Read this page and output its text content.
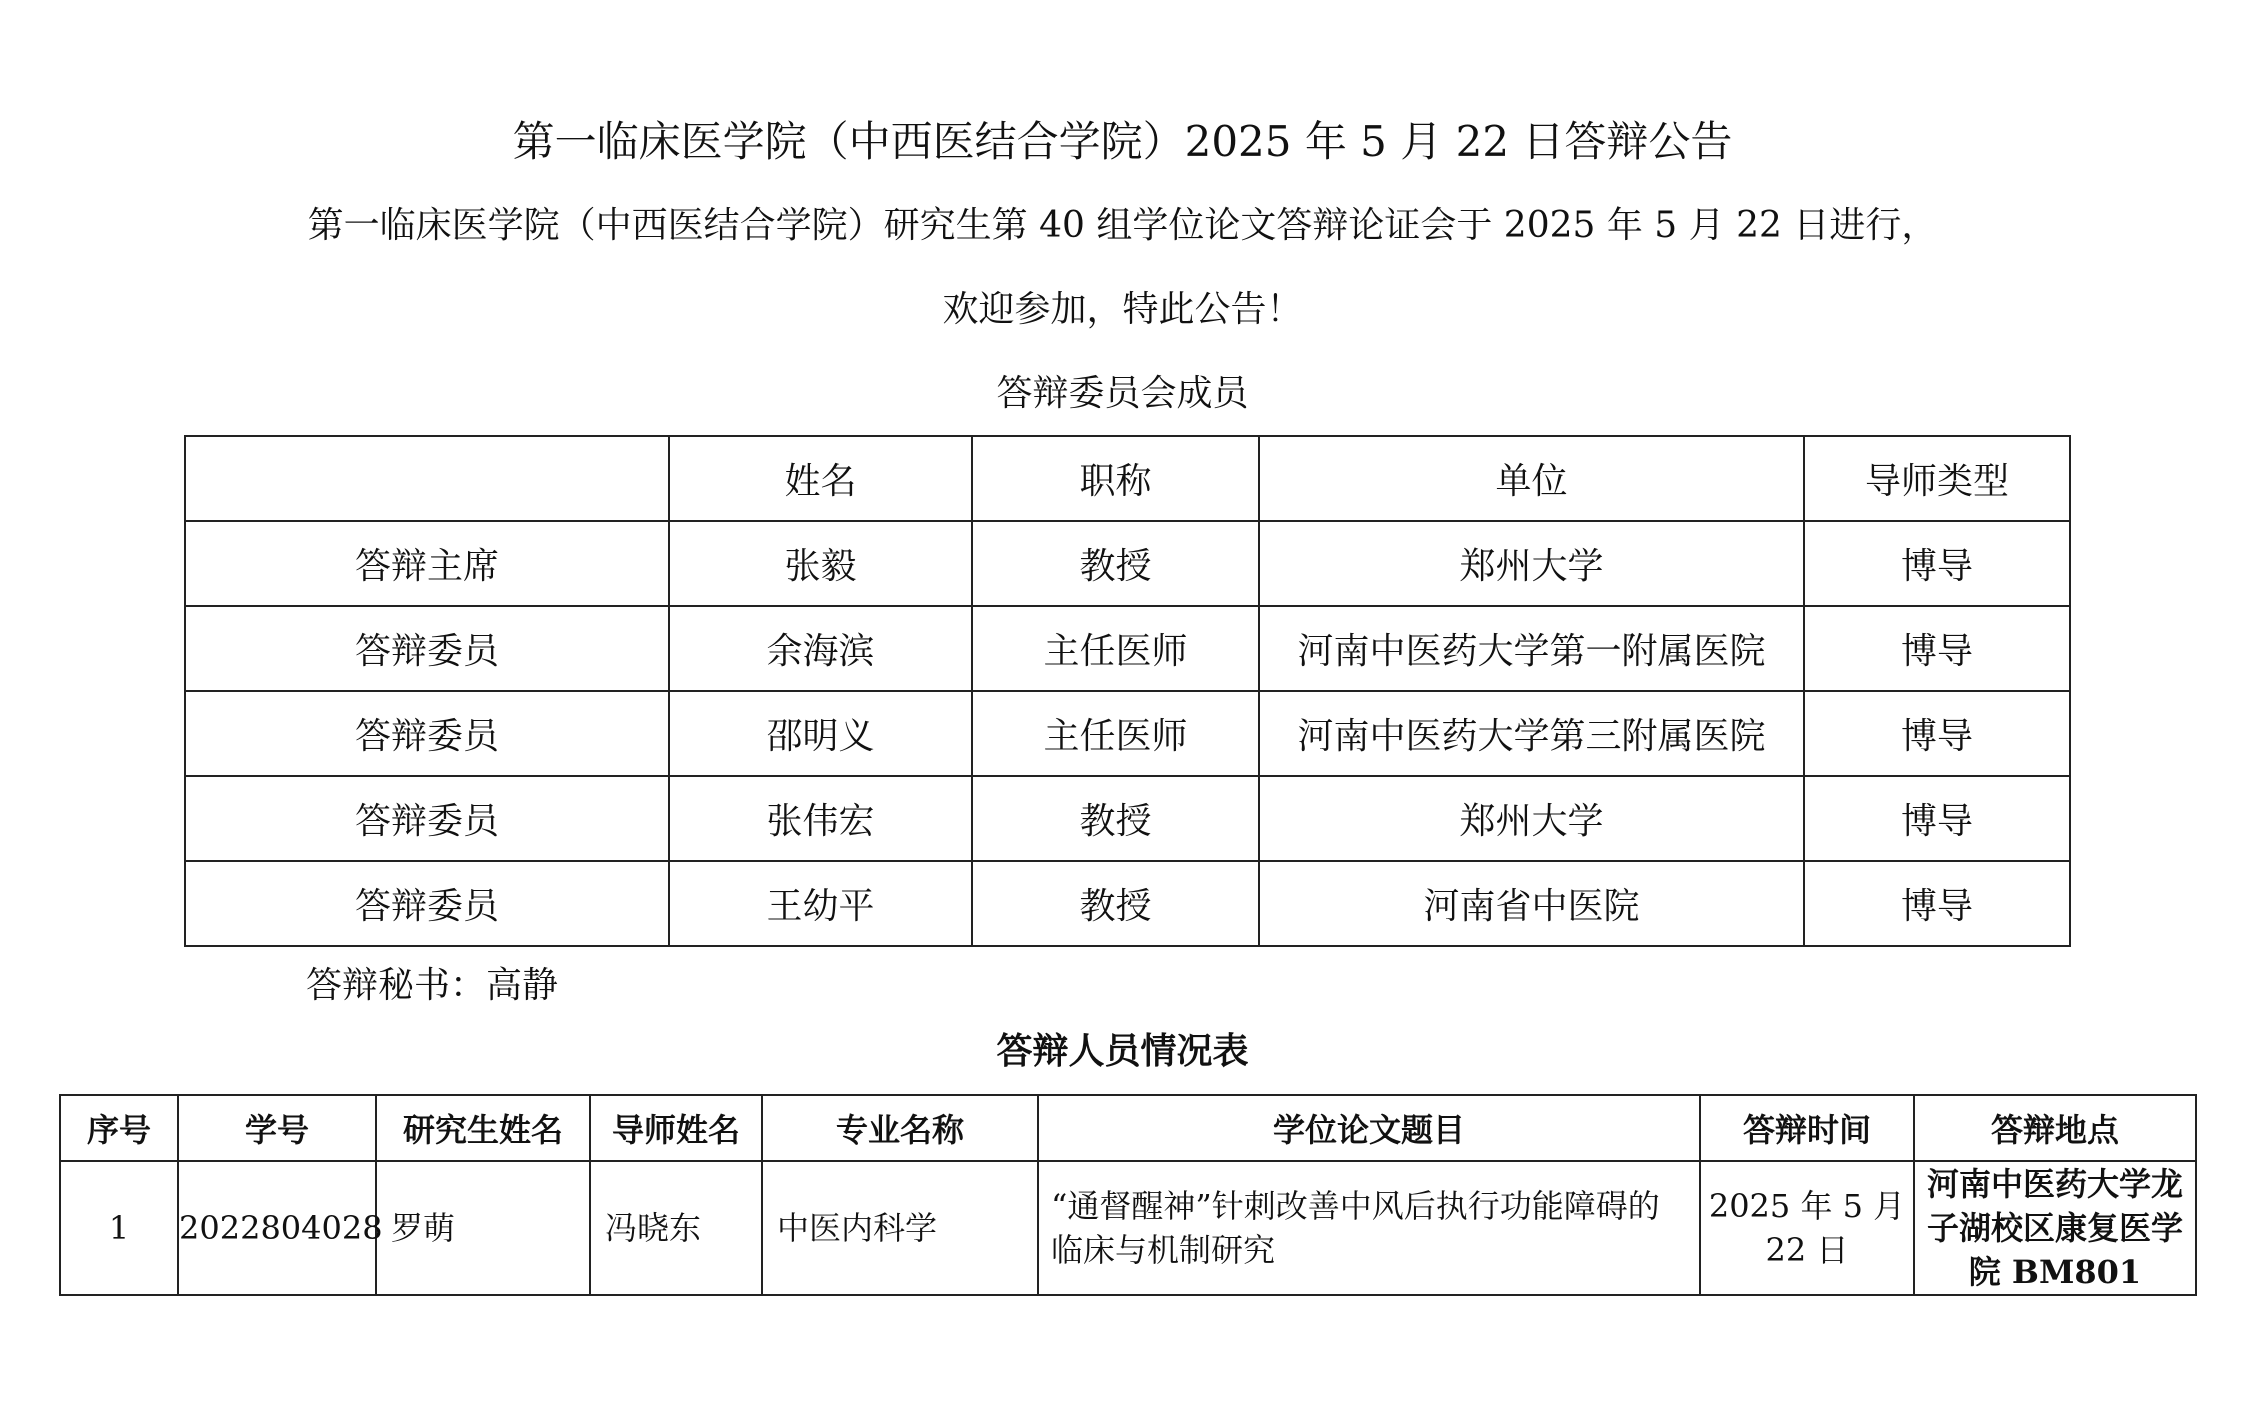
第一临床医学院（中西医结合学院）2025 年 5 月 22 日答辩公告
第一临床医学院（中西医结合学院）研究生第 40 组学位论文答辩论证会于 2025 年 5 月 22 日进行，
欢迎参加，特此公告！
答辩委员会成员
	姓名	职称	单位	导师类型
答辩主席	张毅	教授	郑州大学	博导
答辩委员	余海滨	主任医师	河南中医药大学第一附属医院	博导
答辩委员	邵明义	主任医师	河南中医药大学第三附属医院	博导
答辩委员	张伟宏	教授	郑州大学	博导
答辩委员	王幼平	教授	河南省中医院	博导
答辩秘书：高静
答辩人员情况表
序号	学号	研究生姓名	导师姓名	专业名称	学位论文题目	答辩时间	答辩地点
1	2022804028	罗萌	冯晓东	中医内科学	“通督醒神”针刺改善中风后执行功能障碍的临床与机制研究	2025 年 5 月 22 日	河南中医药大学龙子湖校区康复医学院 BM801
